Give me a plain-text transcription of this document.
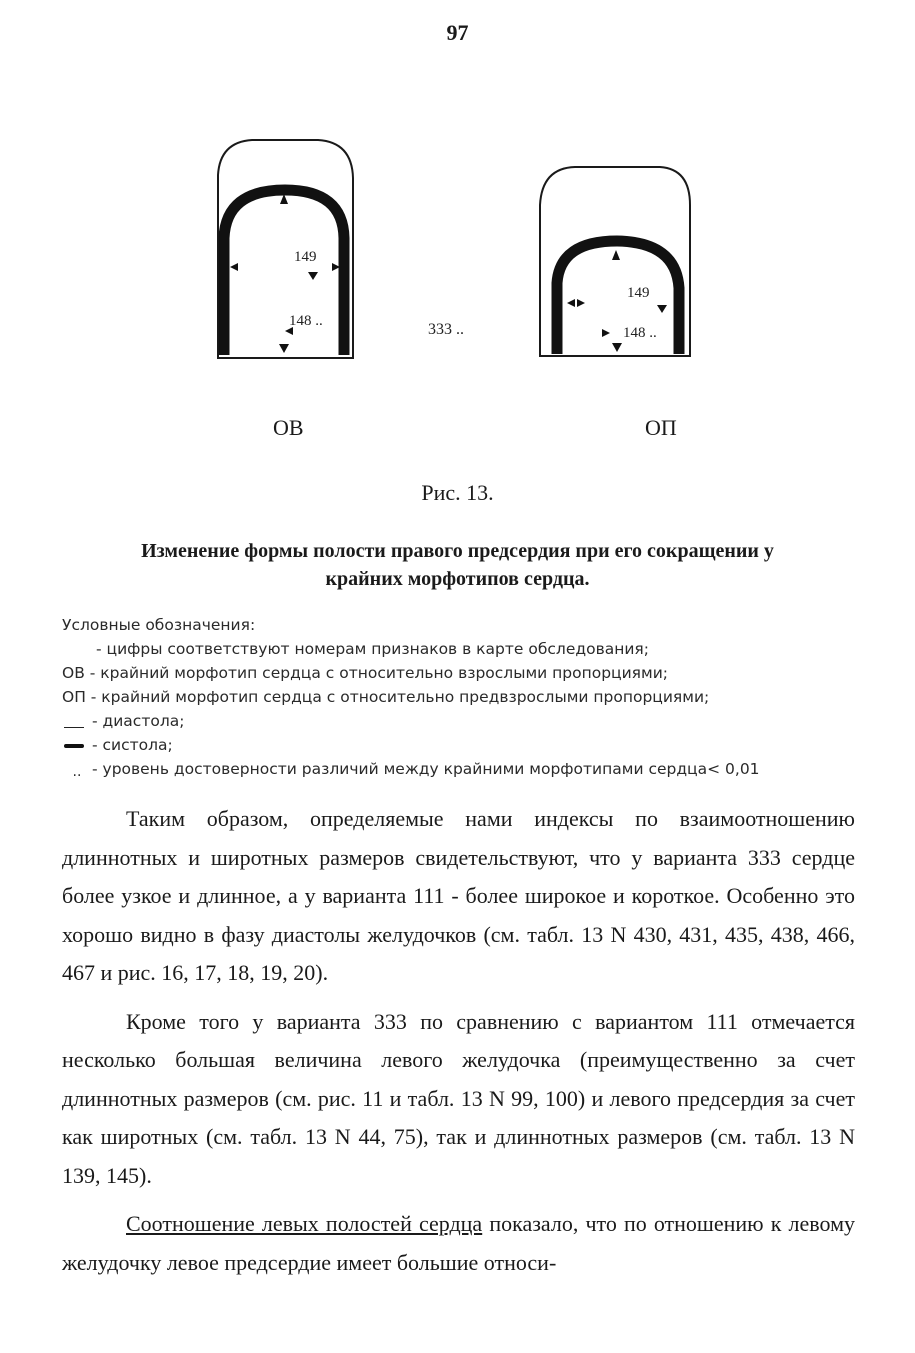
97
149
148 ..	333 ..
149
148 ..
ОВ	ОП
Рис. 13.
Изменение формы полости правого предсердия при его сокращении у
крайних морфотипов сердца.
Условные обозначения:
- цифры соответствуют номерам признаков в карте обследования;
ОВ - крайний морфотип сердца с относительно взрослыми пропорциями;
ОП - крайний морфотип сердца с относительно предвзрослыми пропорциями;
- диастола;
- систола;
.. - уровень достоверности различий между крайними морфотипами сердца< 0,01

Таким образом, определяемые нами индексы по взаимоотношению длиннотных и широтных размеров свидетельствуют, что у варианта 333 сердце более узкое и длинное, а у варианта 111 - более широкое и короткое. Особенно это хорошо видно в фазу диастолы желудочков (см. табл. 13 N 430, 431, 435, 438, 466, 467 и рис. 16, 17, 18, 19, 20).

Кроме того у варианта 333 по сравнению с вариантом 111 отмечается несколько большая величина левого желудочка (преимущественно за счет длиннотных размеров (см. рис. 11 и табл. 13 N 99, 100) и левого предсердия за счет как широтных (см. табл. 13 N 44, 75), так и длиннотных размеров (см. табл. 13 N 139, 145).

Соотношение левых полостей сердца показало, что по отношению к левому желудочку левое предсердие имеет большие относи-
